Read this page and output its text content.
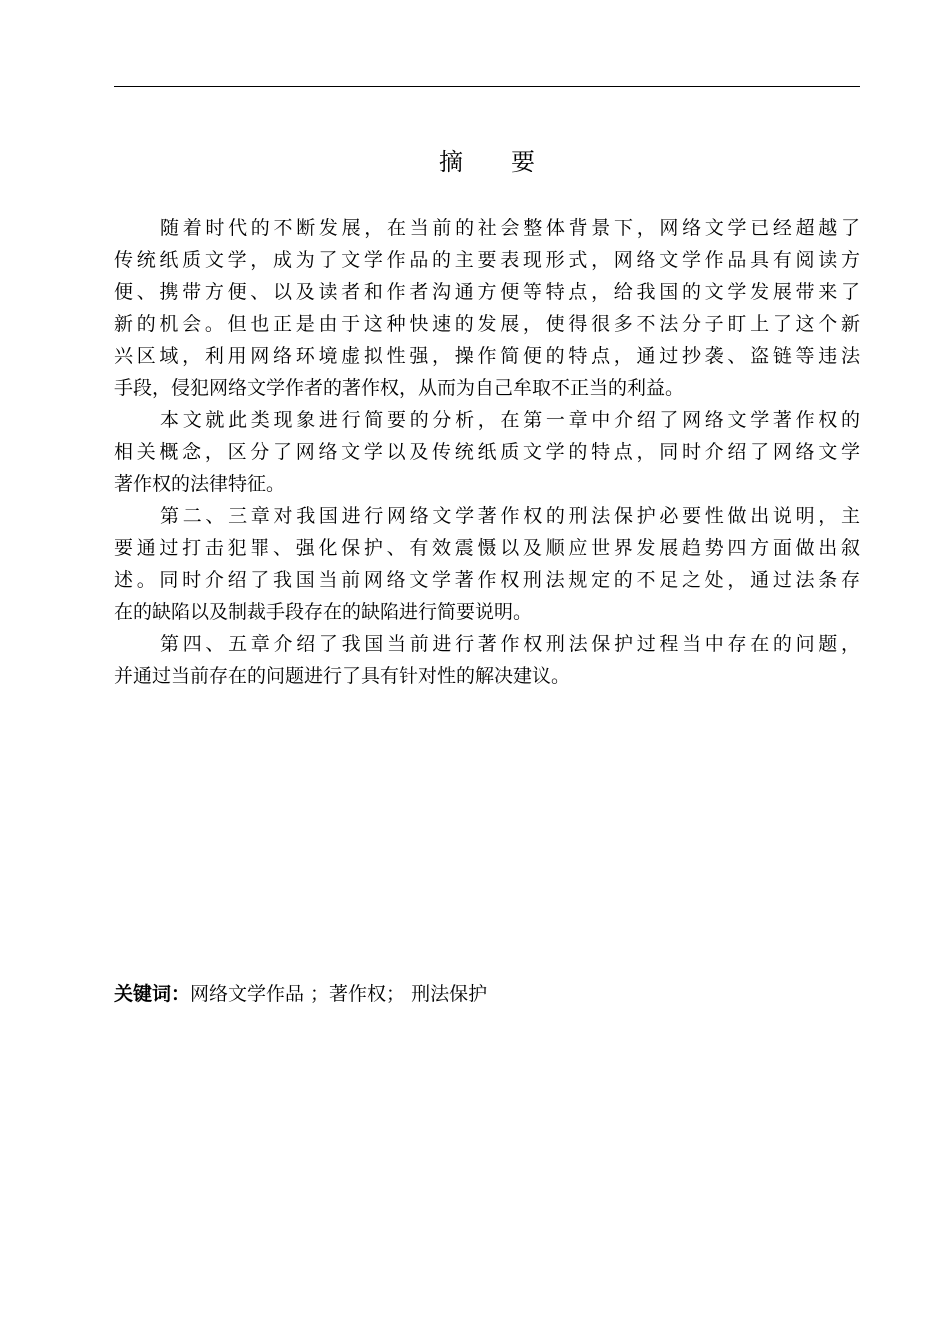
摘 要
随着时代的不断发展，在当前的社会整体背景下，网络文学已经超越了
传统纸质文学，成为了文学作品的主要表现形式，网络文学作品具有阅读方
便、携带方便、以及读者和作者沟通方便等特点，给我国的文学发展带来了
新的机会。但也正是由于这种快速的发展，使得很多不法分子盯上了这个新
兴区域，利用网络环境虚拟性强，操作简便的特点，通过抄袭、盗链等违法
手段，侵犯网络文学作者的著作权，从而为自己牟取不正当的利益。
本文就此类现象进行简要的分析，在第一章中介绍了网络文学著作权的
相关概念，区分了网络文学以及传统纸质文学的特点，同时介绍了网络文学
著作权的法律特征。
第二、三章对我国进行网络文学著作权的刑法保护必要性做出说明，主
要通过打击犯罪、强化保护、有效震慑以及顺应世界发展趋势四方面做出叙
述。同时介绍了我国当前网络文学著作权刑法规定的不足之处，通过法条存
在的缺陷以及制裁手段存在的缺陷进行简要说明。
第四、五章介绍了我国当前进行著作权刑法保护过程当中存在的问题，
并通过当前存在的问题进行了具有针对性的解决建议。
关键词：网络文学作品 ；著作权； 刑法保护
